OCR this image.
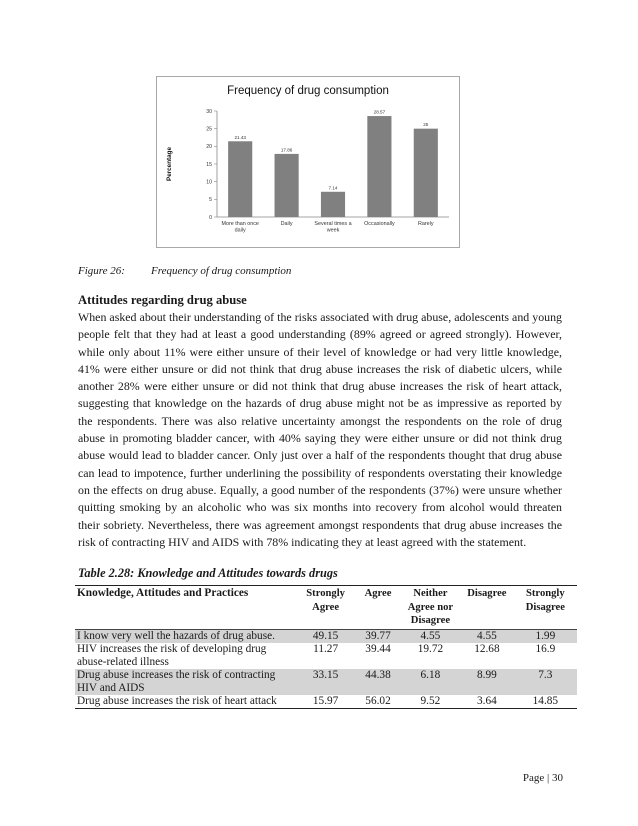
0
5
10
15
20
25
30
21.43
More than once daily
17.86
Daily
7.14
Several times a week
28.57
Occasionally
25
Rarely
Percentage
Frequency of drug consumption
Figure 26: Frequency of drug consumption
Attitudes regarding drug abuse

When asked about their understanding of the risks associated with drug abuse, adolescents and young people felt that they had at least a good understanding (89% agreed or agreed strongly). However, while only about 11% were either unsure of their level of knowledge or had very little knowledge, 41% were either unsure or did not think that drug abuse increases the risk of diabetic ulcers, while another 28% were either unsure or did not think that drug abuse increases the risk of heart attack, suggesting that knowledge on the hazards of drug abuse might not be as impressive as reported by the respondents. There was also relative uncertainty amongst the respondents on the role of drug abuse in promoting bladder cancer, with 40% saying they were either unsure or did not think drug abuse would lead to bladder cancer. Only just over a half of the respondents thought that drug abuse can lead to impotence, further underlining the possibility of respondents overstating their knowledge on the effects on drug abuse. Equally, a good number of the respondents (37%) were unsure whether quitting smoking by an alcoholic who was six months into recovery from alcohol would threaten their sobriety. Nevertheless, there was agreement amongst respondents that drug abuse increases the risk of contracting HIV and AIDS with 78% indicating they at least agreed with the statement.

Table 2.28: Knowledge and Attitudes towards drugs
Knowledge, Attitudes and Practices	Strongly Agree	Agree	Neither Agree nor Disagree	Disagree	Strongly Disagree
I know very well the hazards of drug abuse.	49.15	39.77	4.55	4.55	1.99
HIV increases the risk of developing drug abuse-related illness	11.27	39.44	19.72	12.68	16.9
Drug abuse increases the risk of contracting HIV and AIDS	33.15	44.38	6.18	8.99	7.3
Drug abuse increases the risk of heart attack	15.97	56.02	9.52	3.64	14.85
Page | 30
